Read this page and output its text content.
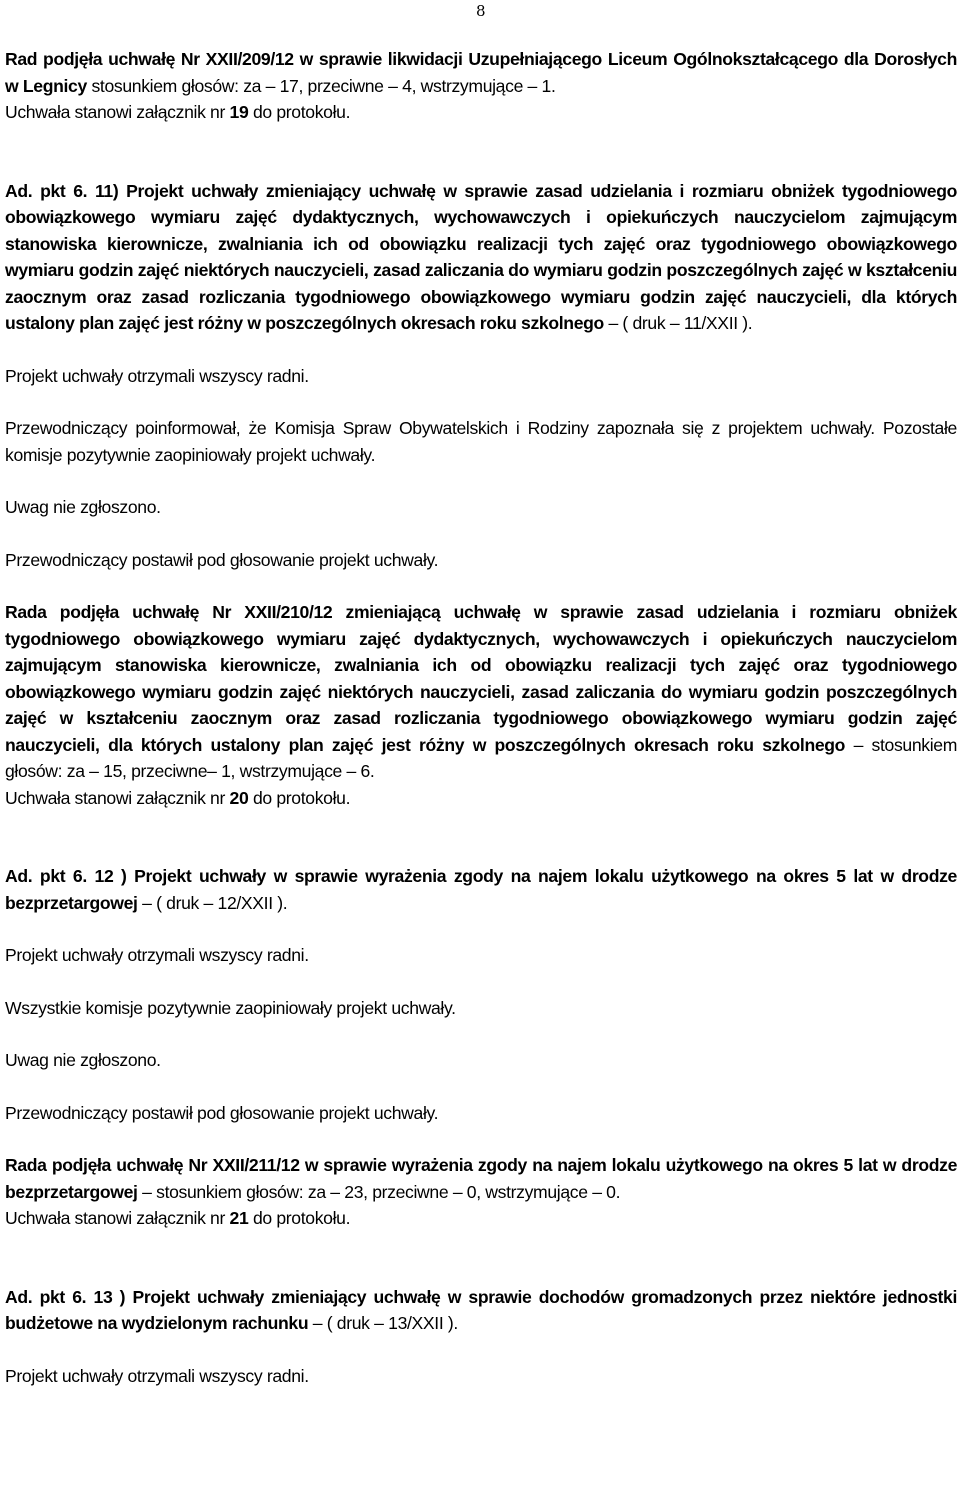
8

Rad podjęła uchwałę Nr XXII/209/12 w sprawie likwidacji Uzupełniającego Liceum Ogólnokształcącego dla Dorosłych w Legnicy stosunkiem głosów: za – 17, przeciwne – 4, wstrzymujące – 1.

Uchwała stanowi załącznik nr 19 do protokołu.

Ad. pkt 6. 11) Projekt uchwały zmieniający uchwałę w sprawie zasad udzielania i rozmiaru obniżek tygodniowego obowiązkowego wymiaru zajęć dydaktycznych, wychowawczych i opiekuńczych nauczycielom zajmującym stanowiska kierownicze, zwalniania ich od obowiązku realizacji tych zajęć oraz tygodniowego obowiązkowego wymiaru godzin zajęć niektórych nauczycieli, zasad zaliczania do wymiaru godzin poszczególnych zajęć w kształceniu zaocznym oraz zasad rozliczania tygodniowego obowiązkowego wymiaru godzin zajęć nauczycieli, dla których ustalony plan zajęć jest różny w poszczególnych okresach roku szkolnego – ( druk – 11/XXII ).

Projekt uchwały otrzymali wszyscy radni.

Przewodniczący poinformował, że Komisja Spraw Obywatelskich i Rodziny zapoznała się z projektem uchwały. Pozostałe komisje pozytywnie zaopiniowały projekt uchwały.

Uwag nie zgłoszono.

Przewodniczący postawił pod głosowanie projekt uchwały.

Rada podjęła uchwałę Nr XXII/210/12 zmieniającą uchwałę w sprawie zasad udzielania i rozmiaru obniżek tygodniowego obowiązkowego wymiaru zajęć dydaktycznych, wychowawczych i opiekuńczych nauczycielom zajmującym stanowiska kierownicze, zwalniania ich od obowiązku realizacji tych zajęć oraz tygodniowego obowiązkowego wymiaru godzin zajęć niektórych nauczycieli, zasad zaliczania do wymiaru godzin poszczególnych zajęć w kształceniu zaocznym oraz zasad rozliczania tygodniowego obowiązkowego wymiaru godzin zajęć nauczycieli, dla których ustalony plan zajęć jest różny w poszczególnych okresach roku szkolnego – stosunkiem głosów: za – 15, przeciwne– 1, wstrzymujące – 6.

Uchwała stanowi załącznik nr 20 do protokołu.

Ad. pkt 6. 12 ) Projekt uchwały w sprawie wyrażenia zgody na najem lokalu użytkowego na okres 5 lat w drodze bezprzetargowej – ( druk – 12/XXII ).

Projekt uchwały otrzymali wszyscy radni.

Wszystkie komisje pozytywnie zaopiniowały projekt uchwały.

Uwag nie zgłoszono.

Przewodniczący postawił pod głosowanie projekt uchwały.

Rada podjęła uchwałę Nr XXII/211/12 w sprawie wyrażenia zgody na najem lokalu użytkowego na okres 5 lat w drodze bezprzetargowej – stosunkiem głosów: za – 23, przeciwne – 0, wstrzymujące – 0.

Uchwała stanowi załącznik nr 21 do protokołu.

Ad. pkt 6. 13 ) Projekt uchwały zmieniający uchwałę w sprawie dochodów gromadzonych przez niektóre jednostki budżetowe na wydzielonym rachunku – ( druk – 13/XXII ).

Projekt uchwały otrzymali wszyscy radni.
